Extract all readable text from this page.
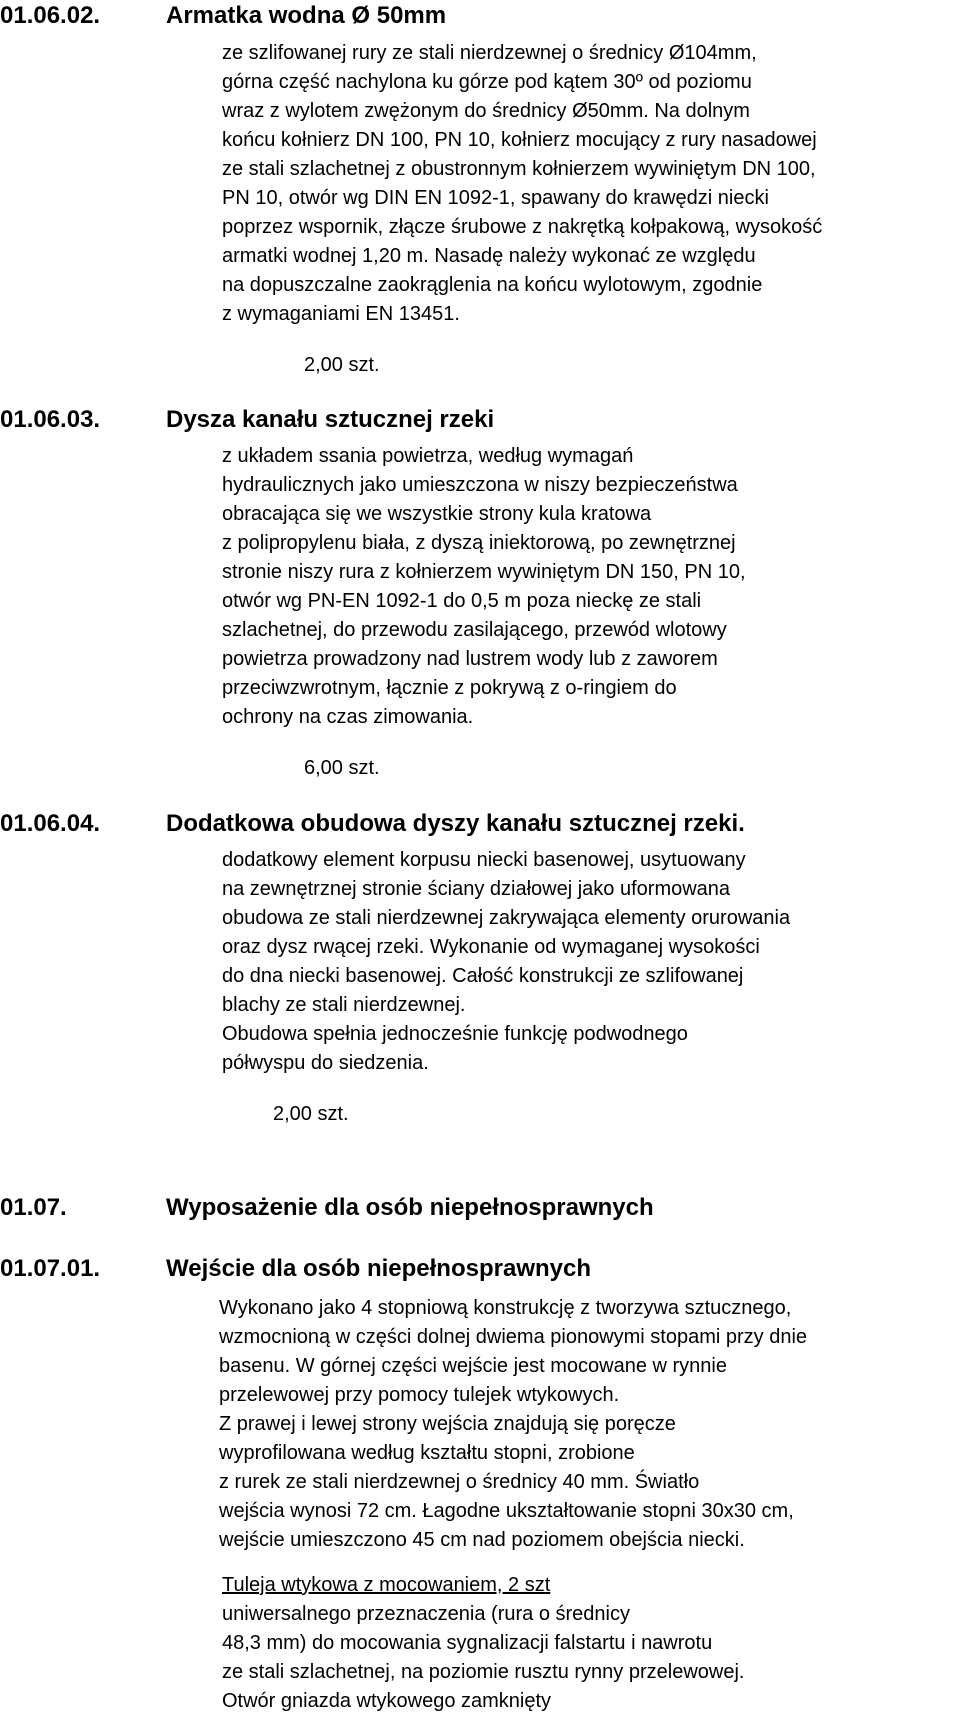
01.06.02.	Armatka wodna Ø 50mm
ze szlifowanej rury ze stali nierdzewnej o średnicy Ø104mm,
górna część nachylona ku górze pod kątem 30º od poziomu
wraz z wylotem zwężonym do średnicy Ø50mm. Na dolnym
końcu kołnierz DN 100, PN 10, kołnierz mocujący z rury nasadowej
ze stali szlachetnej z obustronnym kołnierzem wywiniętym DN 100,
PN 10, otwór wg DIN EN 1092-1, spawany do krawędzi niecki
poprzez wspornik, złącze śrubowe z nakrętką kołpakową, wysokość
armatki wodnej 1,20 m. Nasadę należy wykonać ze względu
na dopuszczalne zaokrąglenia na końcu wylotowym, zgodnie
z wymaganiami EN 13451.
2,00 szt.
01.06.03.	Dysza kanału sztucznej rzeki
z układem ssania powietrza, według wymagań
hydraulicznych jako umieszczona w niszy bezpieczeństwa
obracająca się we wszystkie strony kula kratowa
z polipropylenu biała, z dyszą iniektorową, po zewnętrznej
stronie niszy rura z kołnierzem wywiniętym DN 150, PN 10,
otwór wg PN-EN 1092-1 do 0,5 m poza nieckę ze stali
szlachetnej, do przewodu zasilającego, przewód wlotowy
powietrza prowadzony nad lustrem wody lub z zaworem
przeciwzwrotnym, łącznie z pokrywą z o-ringiem do
ochrony na czas zimowania.
6,00 szt.
01.06.04.	Dodatkowa obudowa dyszy kanału sztucznej rzeki.
dodatkowy element korpusu niecki basenowej, usytuowany
na zewnętrznej stronie ściany działowej jako uformowana
obudowa ze stali nierdzewnej zakrywająca elementy orurowania
oraz dysz rwącej rzeki. Wykonanie od wymaganej wysokości
do dna niecki basenowej. Całość konstrukcji ze szlifowanej
blachy ze stali nierdzewnej.
Obudowa spełnia jednocześnie funkcję podwodnego
półwyspu do siedzenia.
2,00 szt.
01.07.	Wyposażenie dla osób niepełnosprawnych
01.07.01.	Wejście dla osób niepełnosprawnych
Wykonano jako 4 stopniową konstrukcję z tworzywa sztucznego,
wzmocnioną w części dolnej dwiema pionowymi stopami przy dnie
basenu. W górnej części wejście jest mocowane w rynnie
przelewowej przy pomocy tulejek wtykowych.
Z prawej i lewej strony wejścia znajdują się poręcze
wyprofilowana według kształtu stopni, zrobione
z rurek ze stali nierdzewnej o średnicy 40 mm. Światło
wejścia wynosi 72 cm. Łagodne ukształtowanie stopni 30x30 cm,
wejście umieszczono 45 cm nad poziomem obejścia niecki.
Tuleja wtykowa z mocowaniem, 2 szt
uniwersalnego przeznaczenia (rura o średnicy
48,3 mm) do mocowania sygnalizacji falstartu i nawrotu
ze stali szlachetnej, na poziomie rusztu rynny przelewowej.
Otwór gniazda wtykowego zamknięty
